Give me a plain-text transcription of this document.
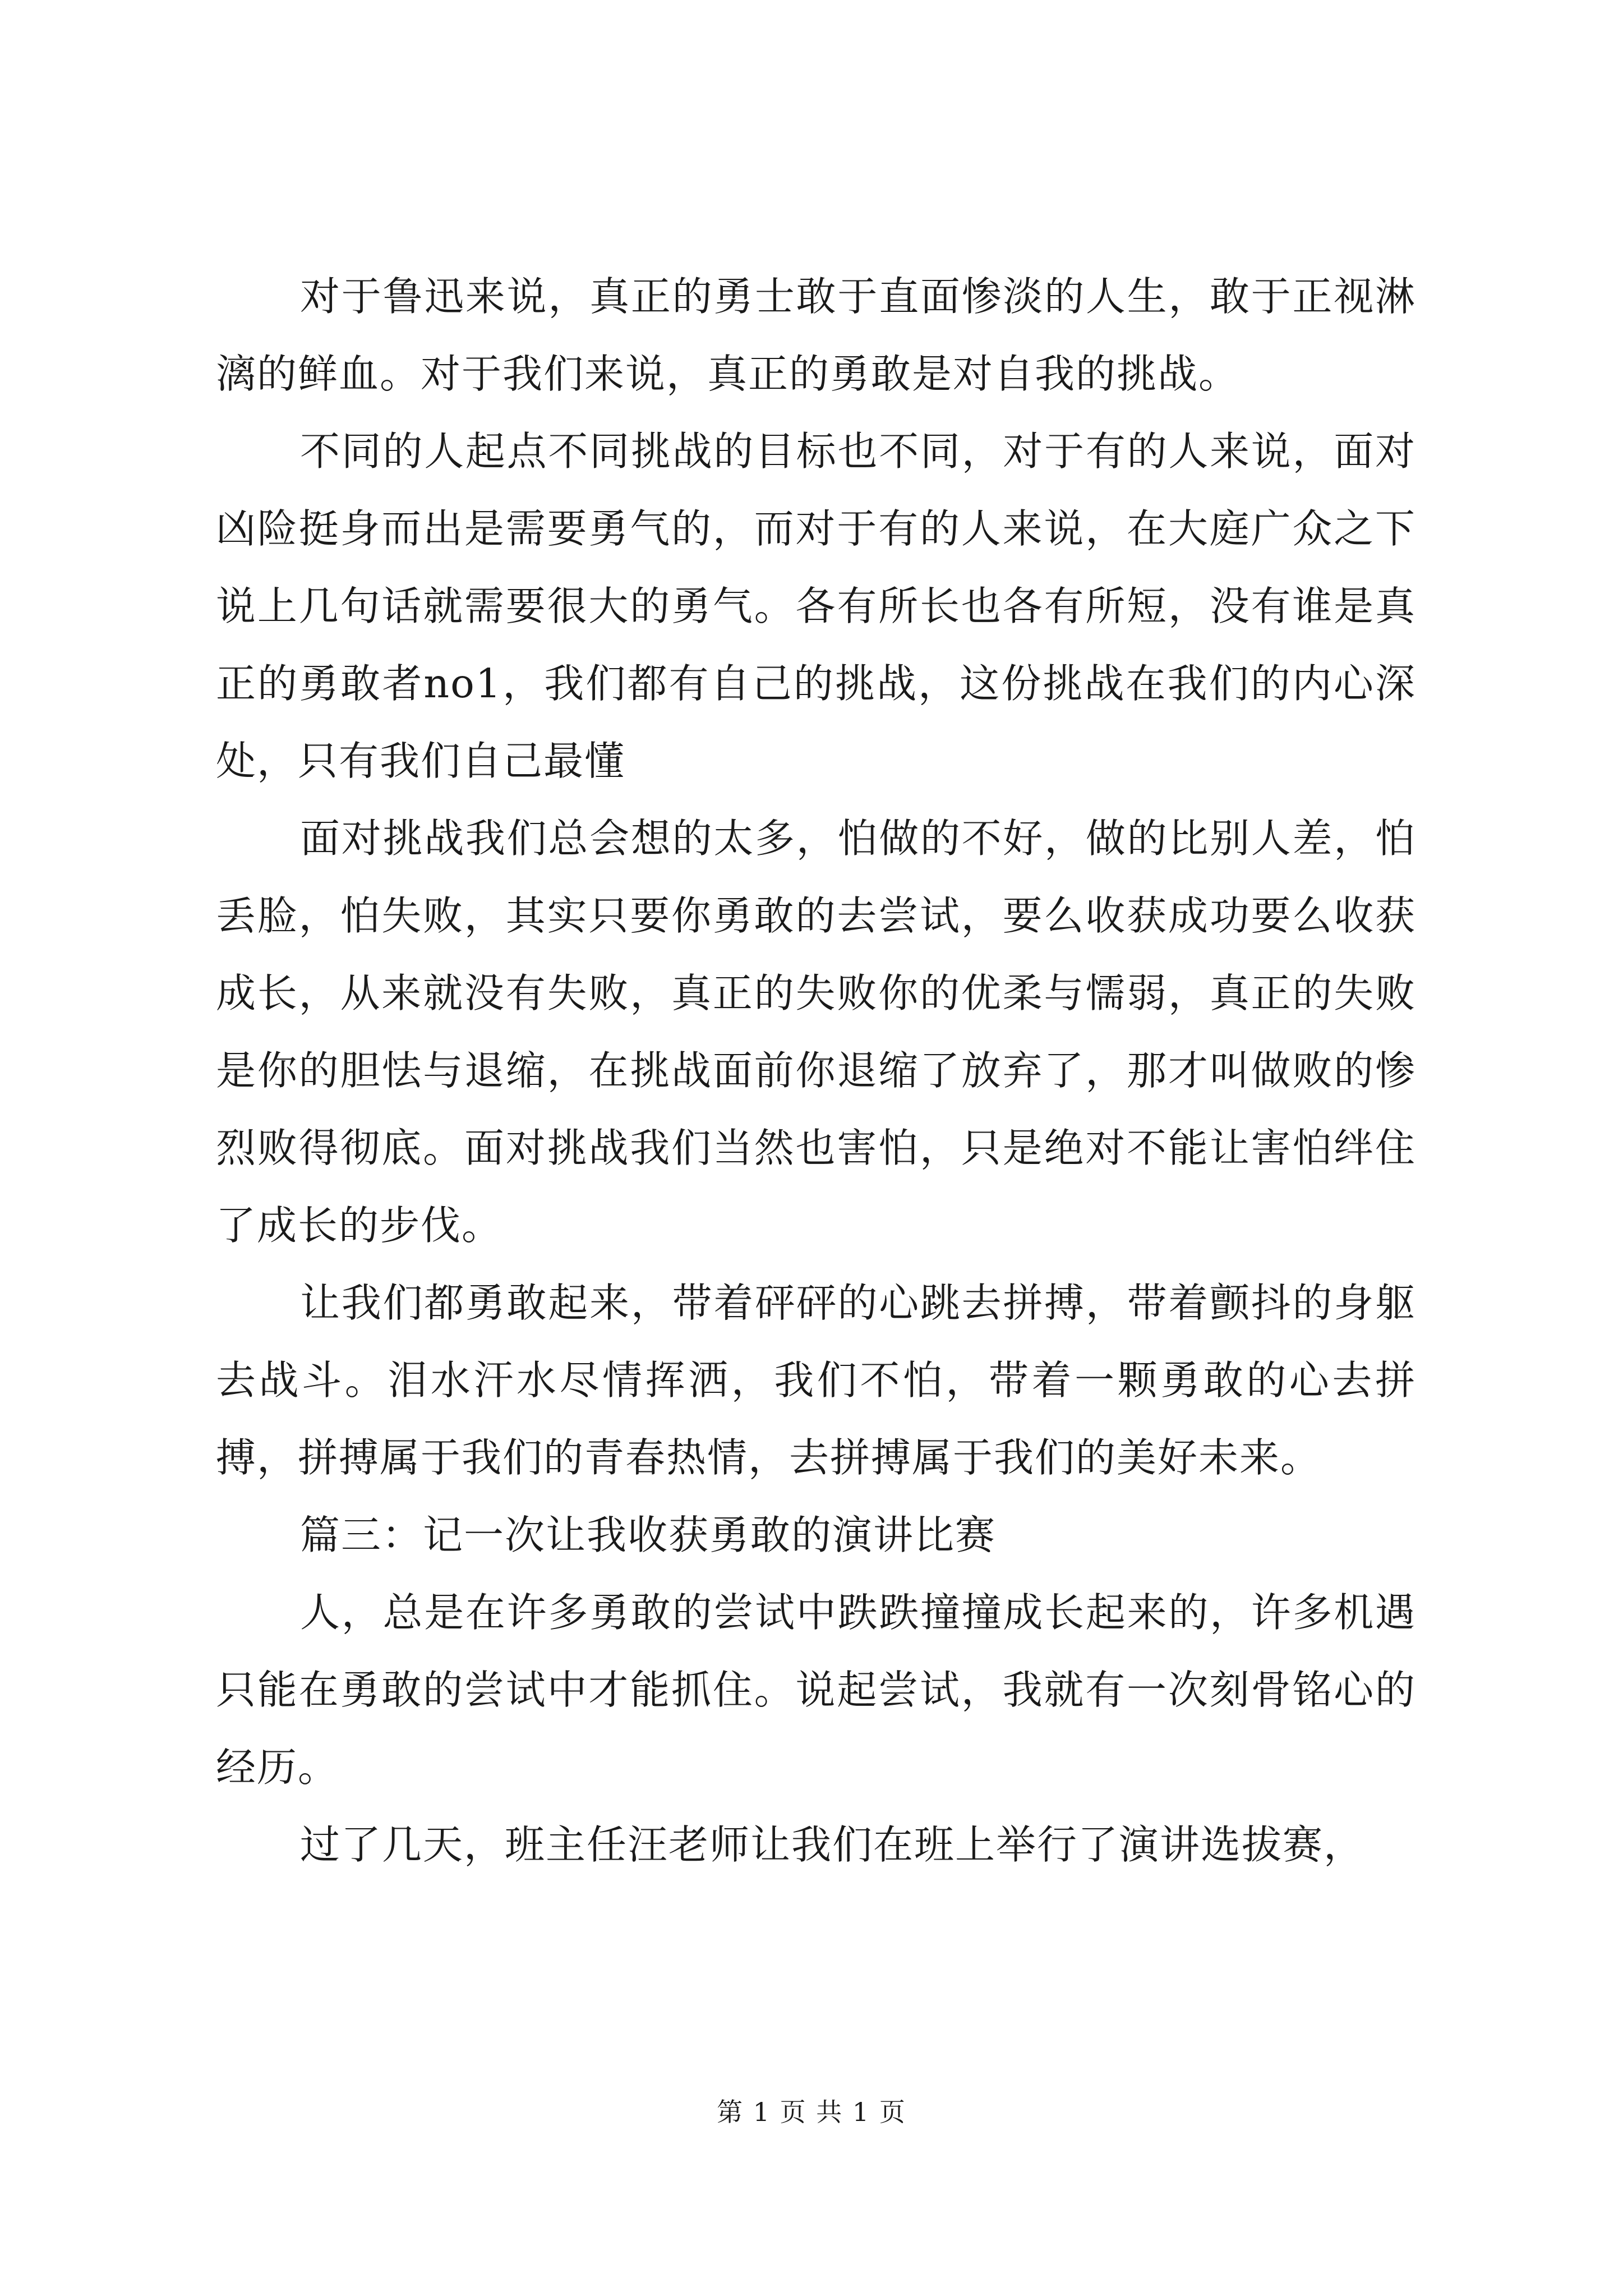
对于鲁迅来说，真正的勇士敢于直面惨淡的人生，敢于正视淋漓的鲜血。对于我们来说，真正的勇敢是对自我的挑战。

不同的人起点不同挑战的目标也不同，对于有的人来说，面对凶险挺身而出是需要勇气的，而对于有的人来说，在大庭广众之下说上几句话就需要很大的勇气。各有所长也各有所短，没有谁是真正的勇敢者no1，我们都有自己的挑战，这份挑战在我们的内心深处，只有我们自己最懂

面对挑战我们总会想的太多，怕做的不好，做的比别人差，怕丢脸，怕失败，其实只要你勇敢的去尝试，要么收获成功要么收获成长，从来就没有失败，真正的失败你的优柔与懦弱，真正的失败是你的胆怯与退缩，在挑战面前你退缩了放弃了，那才叫做败的惨烈败得彻底。面对挑战我们当然也害怕，只是绝对不能让害怕绊住了成长的步伐。

让我们都勇敢起来，带着砰砰的心跳去拼搏，带着颤抖的身躯去战斗。泪水汗水尽情挥洒，我们不怕，带着一颗勇敢的心去拼搏，拼搏属于我们的青春热情，去拼搏属于我们的美好未来。

篇三：记一次让我收获勇敢的演讲比赛

人，总是在许多勇敢的尝试中跌跌撞撞成长起来的，许多机遇只能在勇敢的尝试中才能抓住。说起尝试，我就有一次刻骨铭心的经历。

过了几天，班主任汪老师让我们在班上举行了演讲选拔赛，

第 1 页 共 1 页
